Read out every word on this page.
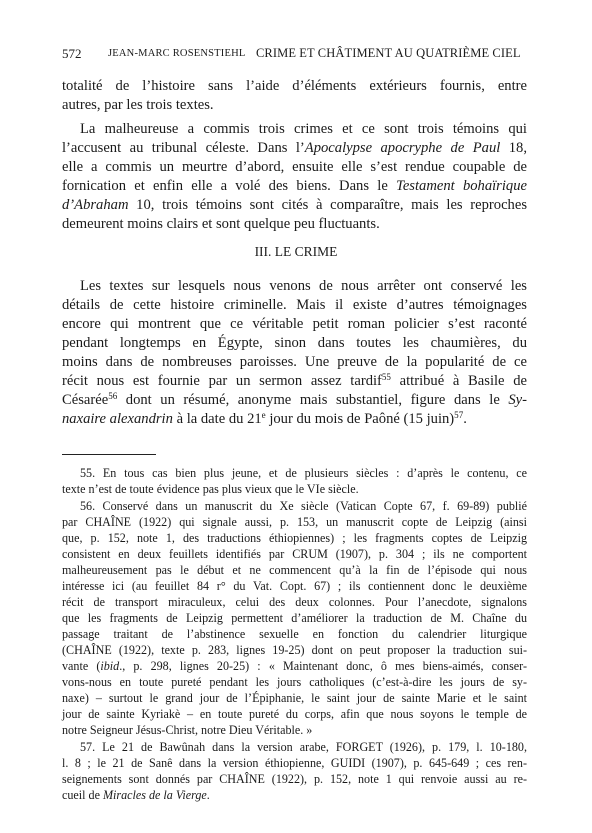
572	JEAN-MARC ROSENSTIEHL CRIME ET CHÂTIMENT AU QUATRIÈME CIEL
totalité de l’histoire sans l’aide d’éléments extérieurs fournis, entre
autres, par les trois textes.
La malheureuse a commis trois crimes et ce sont trois témoins qui
l’accusent au tribunal céleste. Dans l’Apocalypse apocryphe de Paul 18,
elle a commis un meurtre d’abord, ensuite elle s’est rendue coupable de
fornication et enfin elle a volé des biens. Dans le Testament bohaïrique
d’Abraham 10, trois témoins sont cités à comparaître, mais les reproches
demeurent moins clairs et sont quelque peu fluctuants.
III. LE CRIME
Les textes sur lesquels nous venons de nous arrêter ont conservé les
détails de cette histoire criminelle. Mais il existe d’autres témoignages
encore qui montrent que ce véritable petit roman policier s’est raconté
pendant longtemps en Égypte, sinon dans toutes les chaumières, du
moins dans de nombreuses paroisses. Une preuve de la popularité de ce
récit nous est fournie par un sermon assez tardif$^{55}$ attribué à Basile de
Césarée$^{56}$ dont un résumé, anonyme mais substantiel, figure dans le Sy-
naxaire alexandrin à la date du 21e jour du mois de Paôné (15 juin)$^{57}$.
55. En tous cas bien plus jeune, et de plusieurs siècles : d’après le contenu, ce
texte n’est de toute évidence pas plus vieux que le VIe siècle.
56. Conservé dans un manuscrit du Xe siècle (Vatican Copte 67, f. 69-89) publié
par CHAÎNE (1922) qui signale aussi, p. 153, un manuscrit copte de Leipzig (ainsi
que, p. 152, note 1, des traductions éthiopiennes) ; les fragments coptes de Leipzig
consistent en deux feuillets identifiés par CRUM (1907), p. 304 ; ils ne comportent
malheureusement pas le début et ne commencent qu’à la fin de l’épisode qui nous
intéresse ici (au feuillet 84 r° du Vat. Copt. 67) ; ils contiennent donc le deuxième
récit de transport miraculeux, celui des deux colonnes. Pour l’anecdote, signalons
que les fragments de Leipzig permettent d’améliorer la traduction de M. Chaîne du
passage traitant de l’abstinence sexuelle en fonction du calendrier liturgique
(CHAÎNE (1922), texte p. 283, lignes 19-25) dont on peut proposer la traduction sui-
vante (ibid., p. 298, lignes 20-25) : « Maintenant donc, ô mes biens-aimés, conser-
vons-nous en toute pureté pendant les jours catholiques (c’est-à-dire les jours de sy-
naxe) – surtout le grand jour de l’Épiphanie, le saint jour de sainte Marie et le saint
jour de sainte Kyriakè – en toute pureté du corps, afin que nous soyons le temple de
notre Seigneur Jésus-Christ, notre Dieu Véritable. »
57. Le 21 de Bawûnah dans la version arabe, FORGET (1926), p. 179, l. 10-180,
l. 8 ; le 21 de Sanê dans la version éthiopienne, GUIDI (1907), p. 645-649 ; ces ren-
seignements sont donnés par CHAÎNE (1922), p. 152, note 1 qui renvoie aussi au re-
cueil de Miracles de la Vierge.
